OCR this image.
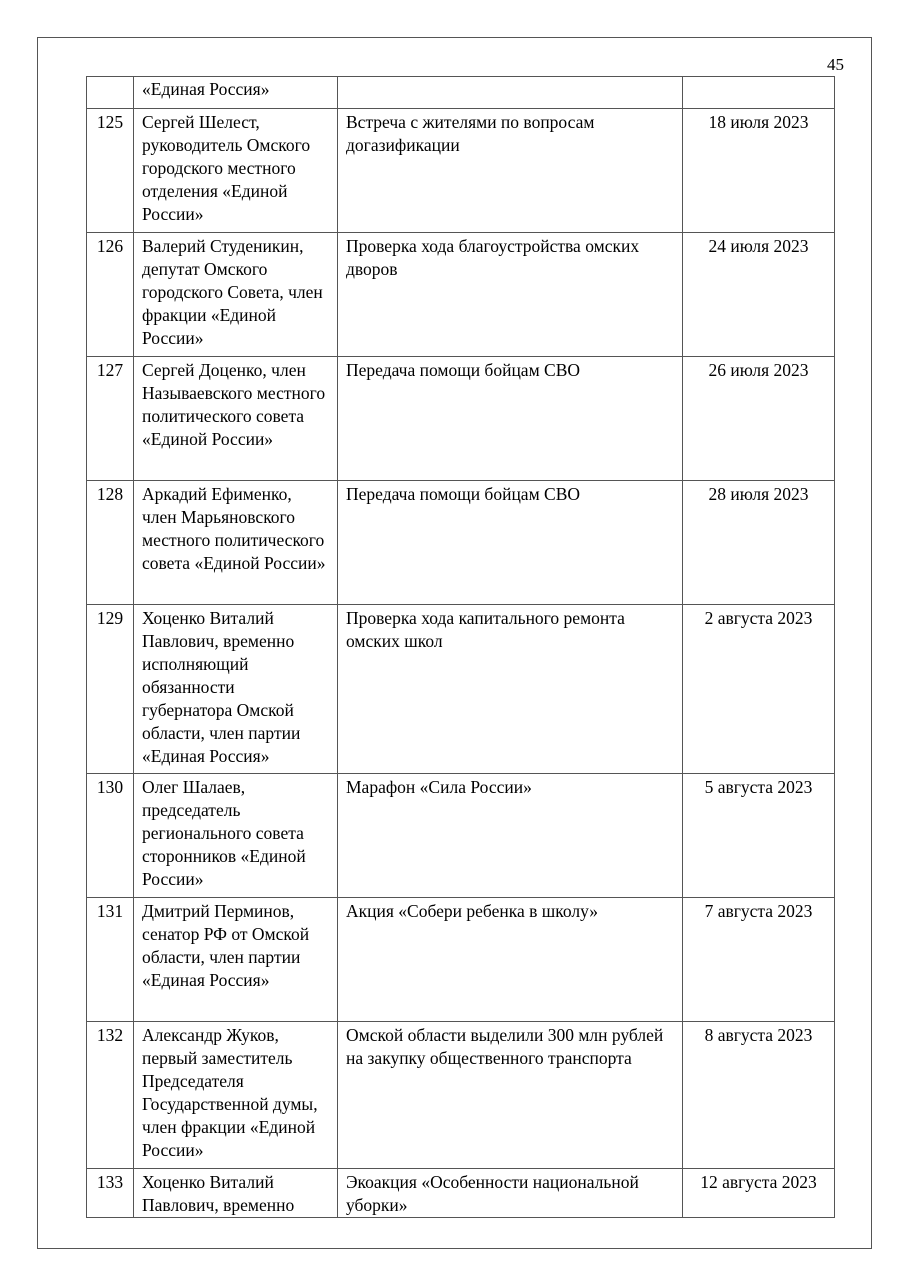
45
	«Единая Россия»		
125	Сергей Шелест, руководитель Омского городского местного отделения «Единой России»	Встреча с жителями по вопросам догазификации	18 июля 2023
126	Валерий Студеникин, депутат Омского городского Совета, член фракции «Единой России»	Проверка хода благоустройства омских дворов	24 июля 2023
127	Сергей Доценко, член Называевского местного политического совета «Единой России»	Передача помощи бойцам СВО	26 июля 2023
128	Аркадий Ефименко, член Марьяновского местного политического совета «Единой России»	Передача помощи бойцам СВО	28 июля 2023
129	Хоценко Виталий Павлович, временно исполняющий обязанности губернатора Омской области, член партии «Единая Россия»	Проверка хода капитального ремонта омских школ	2 августа 2023
130	Олег Шалаев, председатель регионального совета сторонников «Единой России»	Марафон «Сила России»	5 августа 2023
131	Дмитрий Перминов, сенатор РФ от Омской области, член партии «Единая Россия»	Акция «Собери ребенка в школу»	7 августа 2023
132	Александр Жуков, первый заместитель Председателя Государственной думы, член фракции «Единой России»	Омской области выделили 300 млн рублей на закупку общественного транспорта	8 августа 2023
133	Хоценко Виталий Павлович, временно	Экоакция «Особенности национальной уборки»	12 августа 2023
